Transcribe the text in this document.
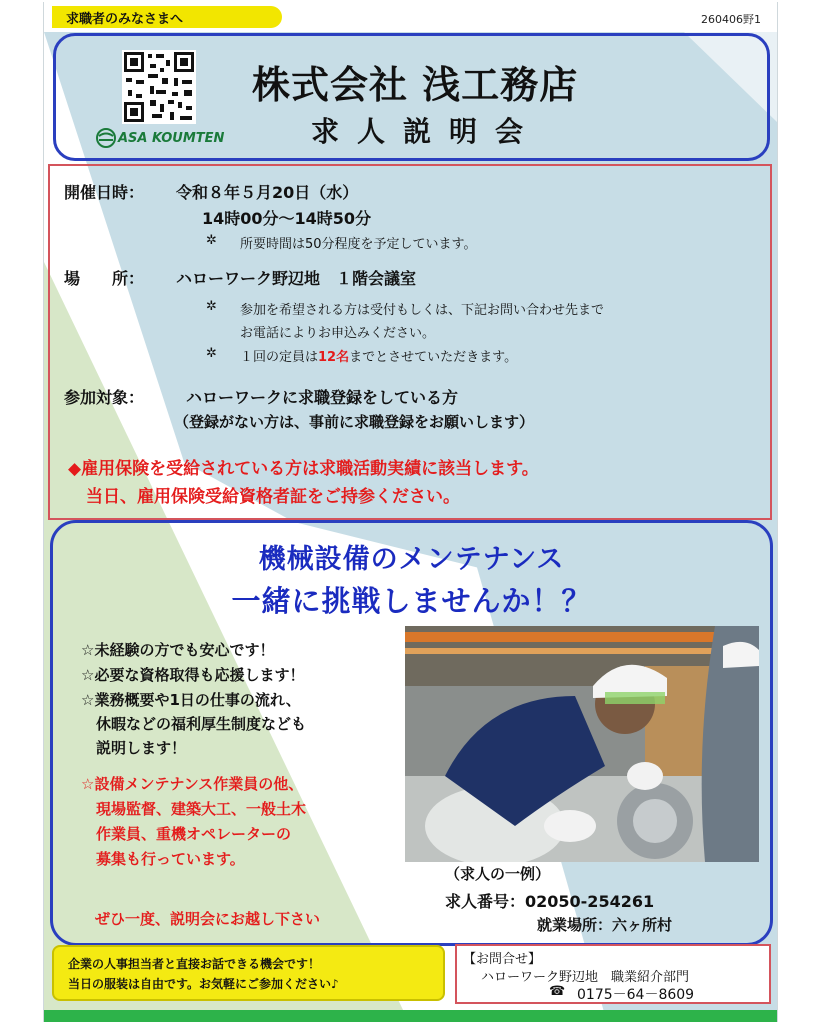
求職者のみなさまへ	260406野1
ASA KOUMTEN
株式会社 浅工務店
求人説明会
開催日時： 令和８年５月20日（水）
14時00分～14時50分
✲ 所要時間は50分程度を予定しています。
場　　所： ハローワーク野辺地　１階会議室
✲ 参加を希望される方は受付もしくは、下記お問い合わせ先まで
お電話によりお申込みください。
✲ １回の定員は12名までとさせていただきます。
参加対象：	ハローワークに求職登録をしている方
（登録がない方は、事前に求職登録をお願いします）
◆雇用保険を受給されている方は求職活動実績に該当します。
当日、雇用保険受給資格者証をご持参ください。
機械設備のメンテナンス
一緒に挑戦しませんか！？
☆未経験の方でも安心です！
☆必要な資格取得も応援します！
☆業務概要や1日の仕事の流れ、
　休暇などの福利厚生制度なども
　説明します！
☆設備メンテナンス作業員の他、
　現場監督、建築大工、一般土木
　作業員、重機オペレーターの
　募集も行っています。
ぜひ一度、説明会にお越し下さい
（求人の一例）
求人番号：02050-254261
就業場所：六ヶ所村
企業の人事担当者と直接お話できる機会です！
当日の服装は自由です。お気軽にご参加ください♪
【お問合せ】
ハローワーク野辺地　職業紹介部門
☎ 0175－64－8609
